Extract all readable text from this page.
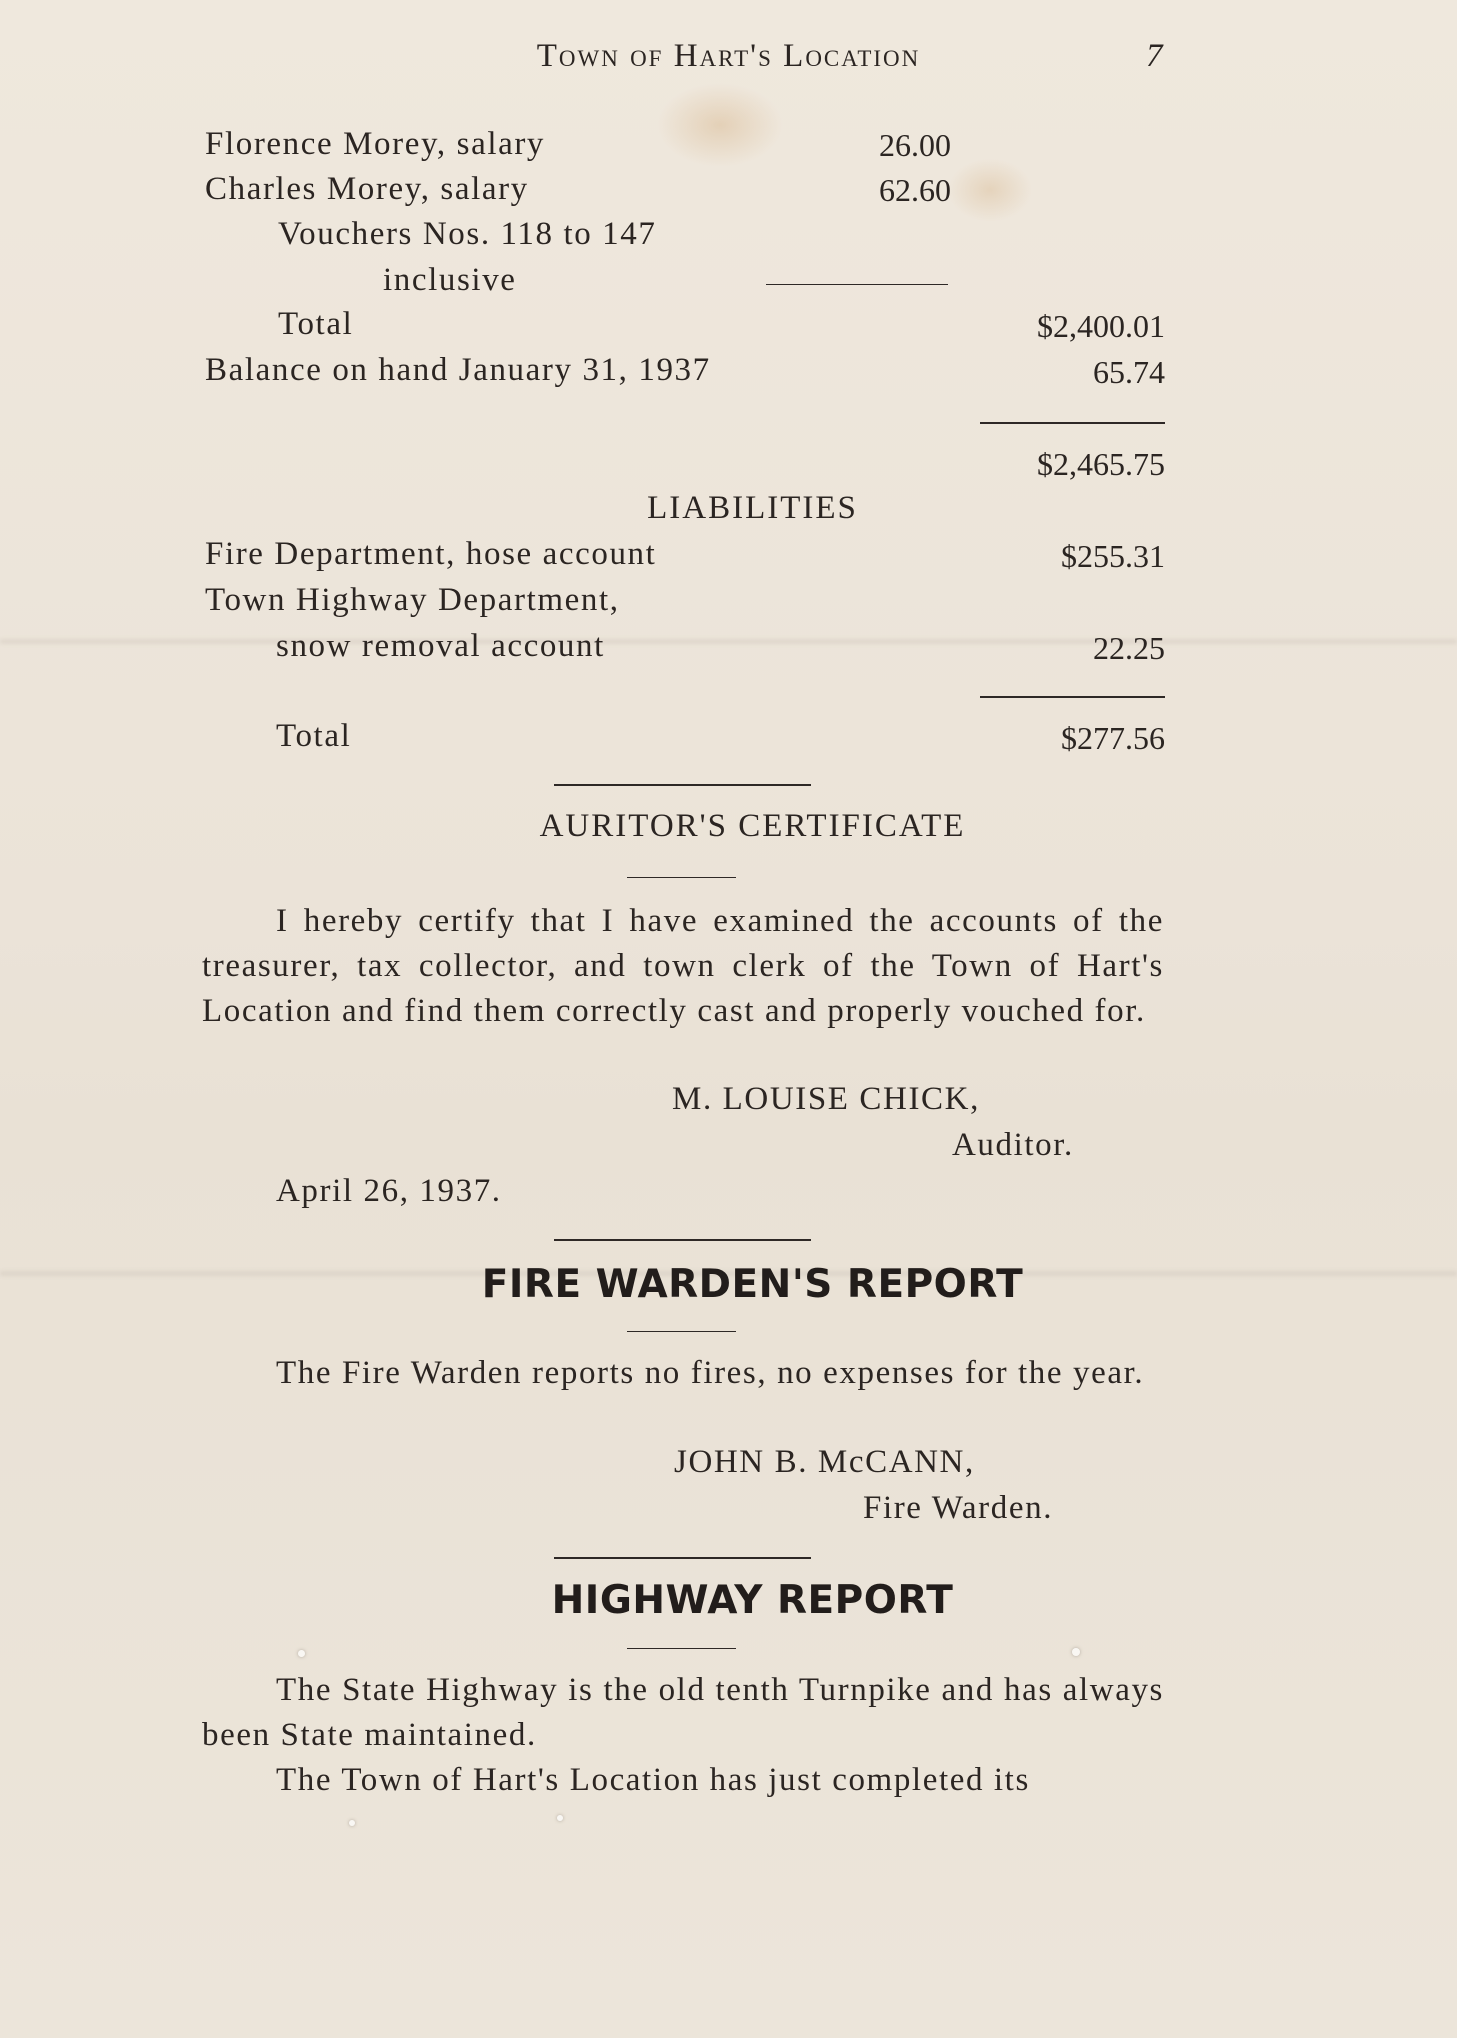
Town of Hart's Location	7
Florence Morey, salary	26.00
Charles Morey, salary	62.60
Vouchers Nos. 118 to 147
inclusive
Total	$2,400.01
Balance on hand January 31, 1937	65.74
$2,465.75
LIABILITIES
Fire Department, hose account	$255.31
Town Highway Department,
snow removal account	22.25
Total	$277.56
AURITOR'S CERTIFICATE

I hereby certify that I have examined the accounts of the treasurer, tax collector, and town clerk of the Town of Hart's Location and find them correctly cast and properly vouched for.

M. LOUISE CHICK,
Auditor.
April 26, 1937.
FIRE WARDEN'S REPORT

The Fire Warden reports no fires, no expenses for the year.

JOHN B. McCANN,
Fire Warden.
HIGHWAY REPORT

The State Highway is the old tenth Turnpike and has always been State maintained.

The Town of Hart's Location has just completed its
